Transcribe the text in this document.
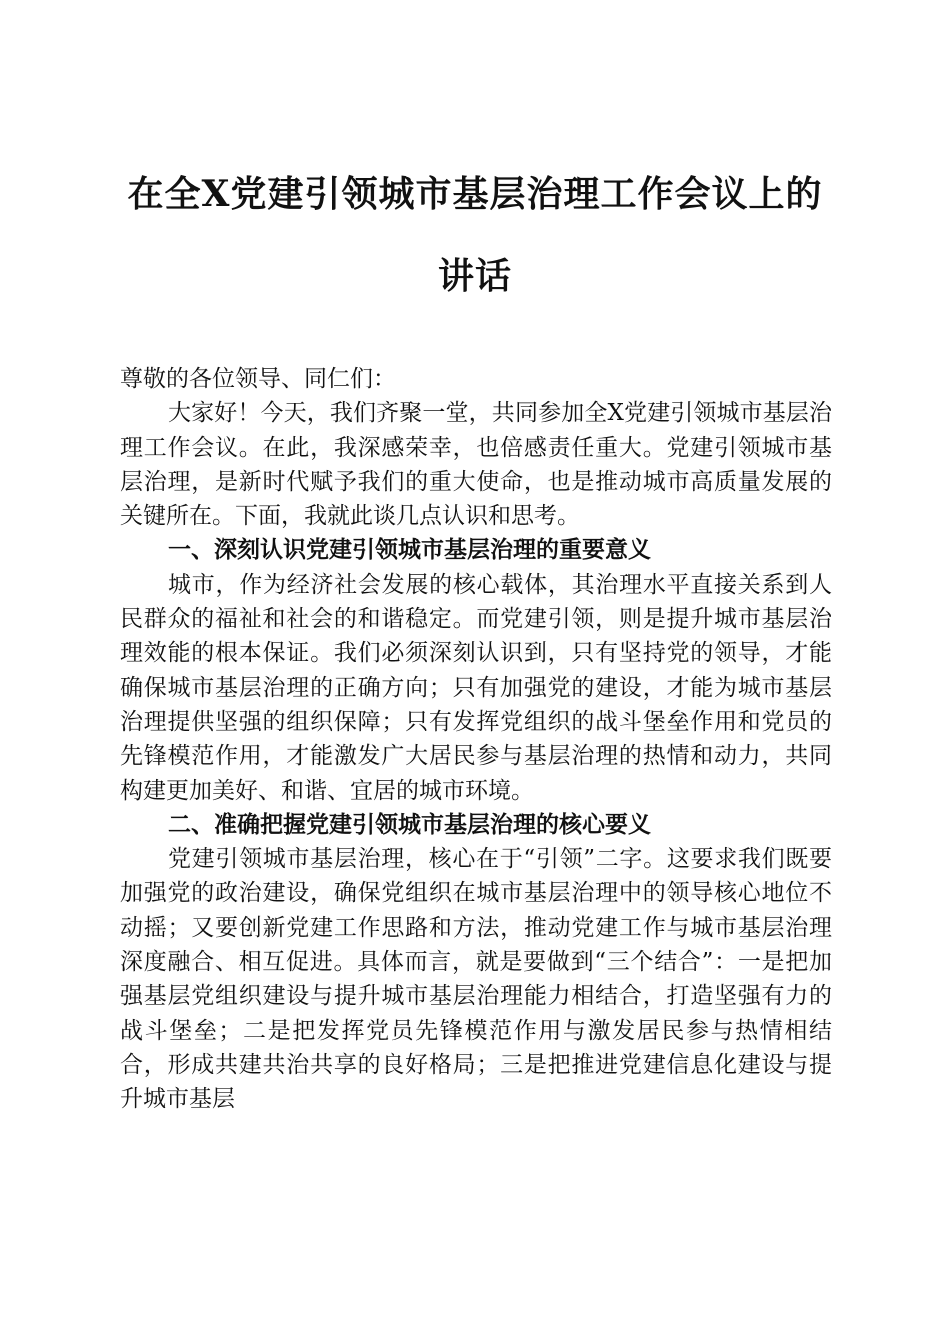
在全X党建引领城市基层治理工作会议上的
讲话

尊敬的各位领导、同仁们：

大家好！今天，我们齐聚一堂，共同参加全X党建引领城市基层治理工作会议。在此，我深感荣幸，也倍感责任重大。党建引领城市基层治理，是新时代赋予我们的重大使命，也是推动城市高质量发展的关键所在。下面，我就此谈几点认识和思考。

一、深刻认识党建引领城市基层治理的重要意义

城市，作为经济社会发展的核心载体，其治理水平直接关系到人民群众的福祉和社会的和谐稳定。而党建引领，则是提升城市基层治理效能的根本保证。我们必须深刻认识到，只有坚持党的领导，才能确保城市基层治理的正确方向；只有加强党的建设，才能为城市基层治理提供坚强的组织保障；只有发挥党组织的战斗堡垒作用和党员的先锋模范作用，才能激发广大居民参与基层治理的热情和动力，共同构建更加美好、和谐、宜居的城市环境。

二、准确把握党建引领城市基层治理的核心要义

党建引领城市基层治理，核心在于“引领”二字。这要求我们既要加强党的政治建设，确保党组织在城市基层治理中的领导核心地位不动摇；又要创新党建工作思路和方法，推动党建工作与城市基层治理深度融合、相互促进。具体而言，就是要做到“三个结合”：一是把加强基层党组织建设与提升城市基层治理能力相结合，打造坚强有力的战斗堡垒；二是把发挥党员先锋模范作用与激发居民参与热情相结合，形成共建共治共享的良好格局；三是把推进党建信息化建设与提升城市基层
